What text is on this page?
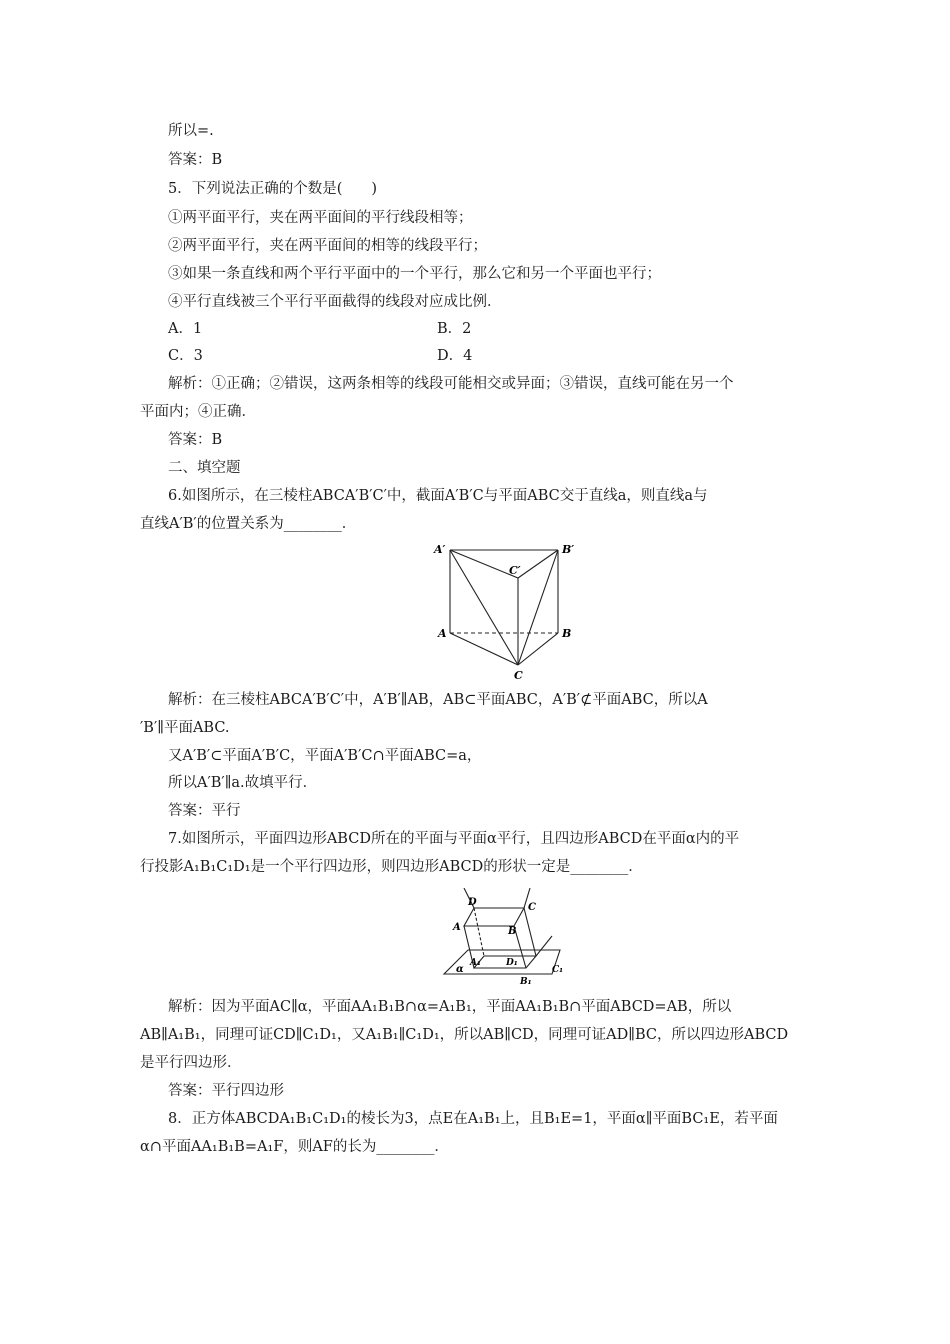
所以=.
答案：B
5．下列说法正确的个数是(　　)
①两平面平行，夹在两平面间的平行线段相等；
②两平面平行，夹在两平面间的相等的线段平行；
③如果一条直线和两个平行平面中的一个平行，那么它和另一个平面也平行；
④平行直线被三个平行平面截得的线段对应成比例．
A．1	B．2
C．3	D．4
解析：①正确；②错误，这两条相等的线段可能相交或异面；③错误，直线可能在另一个
平面内；④正确．
答案：B
二、填空题
6.如图所示，在三棱柱ABCA′B′C′中，截面A′B′C与平面ABC交于直线a，则直线a与
直线A′B′的位置关系为________．
A′	B′
C′
A	B
C
解析：在三棱柱ABCA′B′C′中，A′B′∥AB，AB⊂平面ABC，A′B′⊄平面ABC，所以A
′B′∥平面ABC.
又A′B′⊂平面A′B′C，平面A′B′C∩平面ABC=a，
所以A′B′∥a.故填平行．
答案：平行
7.如图所示，平面四边形ABCD所在的平面与平面α平行，且四边形ABCD在平面α内的平
行投影A₁B₁C₁D₁是一个平行四边形，则四边形ABCD的形状一定是________．
D	C
A	B
α
A₁	D₁
C₁
B₁
解析：因为平面AC∥α，平面AA₁B₁B∩α=A₁B₁，平面AA₁B₁B∩平面ABCD=AB，所以
AB∥A₁B₁，同理可证CD∥C₁D₁，又A₁B₁∥C₁D₁，所以AB∥CD，同理可证AD∥BC，所以四边形ABCD
是平行四边形．
答案：平行四边形
8．正方体ABCDA₁B₁C₁D₁的棱长为3，点E在A₁B₁上，且B₁E=1，平面α∥平面BC₁E，若平面
α∩平面AA₁B₁B=A₁F，则AF的长为________．
